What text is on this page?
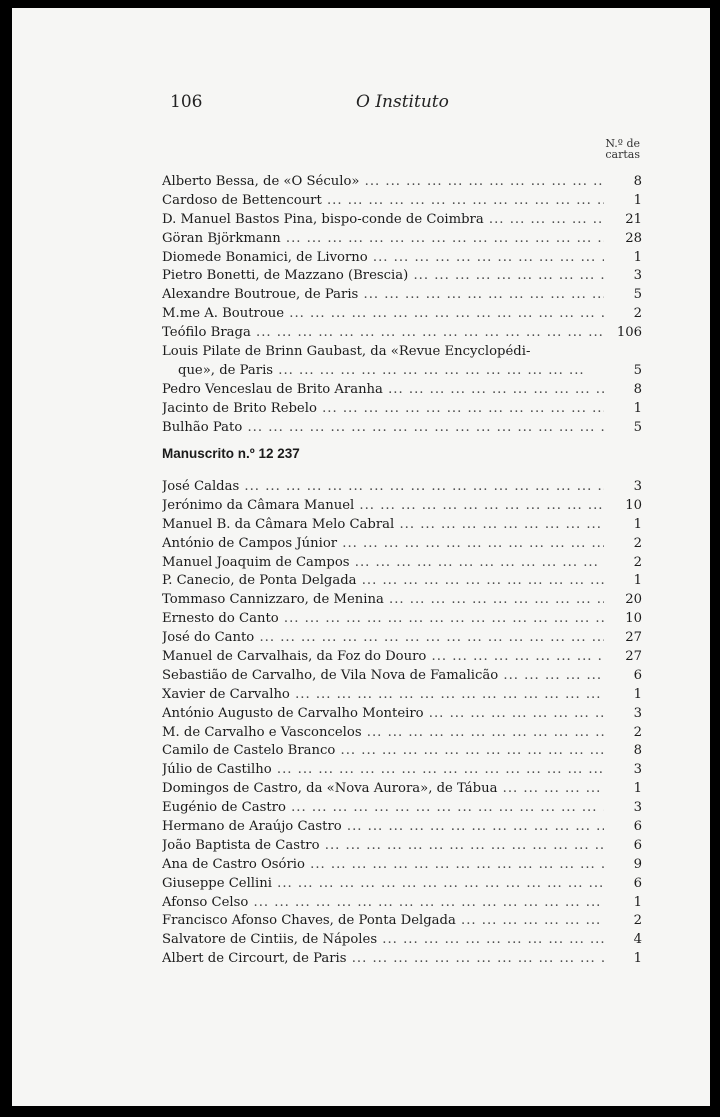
106	O Instituto
N.º de
cartas
Alberto Bessa, de «O Século» ... .	8
Cardoso de Bettencourt ... .	1
D. Manuel Bastos Pina, bispo-conde de Coimbra ... .	21
Göran Björkmann ... .	28
Diomede Bonamici, de Livorno ... .	1
Pietro Bonetti, de Mazzano (Brescia) ... .	3
Alexandre Boutroue, de Paris ... .	5
M.me A. Boutroue ... .	2
Teófilo Braga ... .	106
Louis Pilate de Brinn Gaubast, da «Revue Encyclopédi-
que», de Paris ... ... ... ... ... ... ... ... ... ... ... ... ... ... ...	5
Pedro Venceslau de Brito Aranha ... .	8
Jacinto de Brito Rebelo ... .	1
Bulhão Pato ... .	5
Manuscrito n.º 12 237
José Caldas ... .	3
Jerónimo da Câmara Manuel ... .	10
Manuel B. da Câmara Melo Cabral ... .	1
António de Campos Júnior ... .	2
Manuel Joaquim de Campos ... .	2
P. Canecio, de Ponta Delgada ... .	1
Tommaso Cannizzaro, de Menina ... .	20
Ernesto do Canto ... .	10
José do Canto ... .	27
Manuel de Carvalhais, da Foz do Douro ... .	27
Sebastião de Carvalho, de Vila Nova de Famalicão ... .	6
Xavier de Carvalho ... .	1
António Augusto de Carvalho Monteiro ... .	3
M. de Carvalho e Vasconcelos ... .	2
Camilo de Castelo Branco ... .	8
Júlio de Castilho ... .	3
Domingos de Castro, da «Nova Aurora», de Tábua ... .	1
Eugénio de Castro ... .	3
Hermano de Araújo Castro ... .	6
João Baptista de Castro ... .	6
Ana de Castro Osório ... .	9
Giuseppe Cellini ... .	6
Afonso Celso ... .	1
Francisco Afonso Chaves, de Ponta Delgada ... .	2
Salvatore de Cintiis, de Nápoles ... .	4
Albert de Circourt, de Paris ... .	1
